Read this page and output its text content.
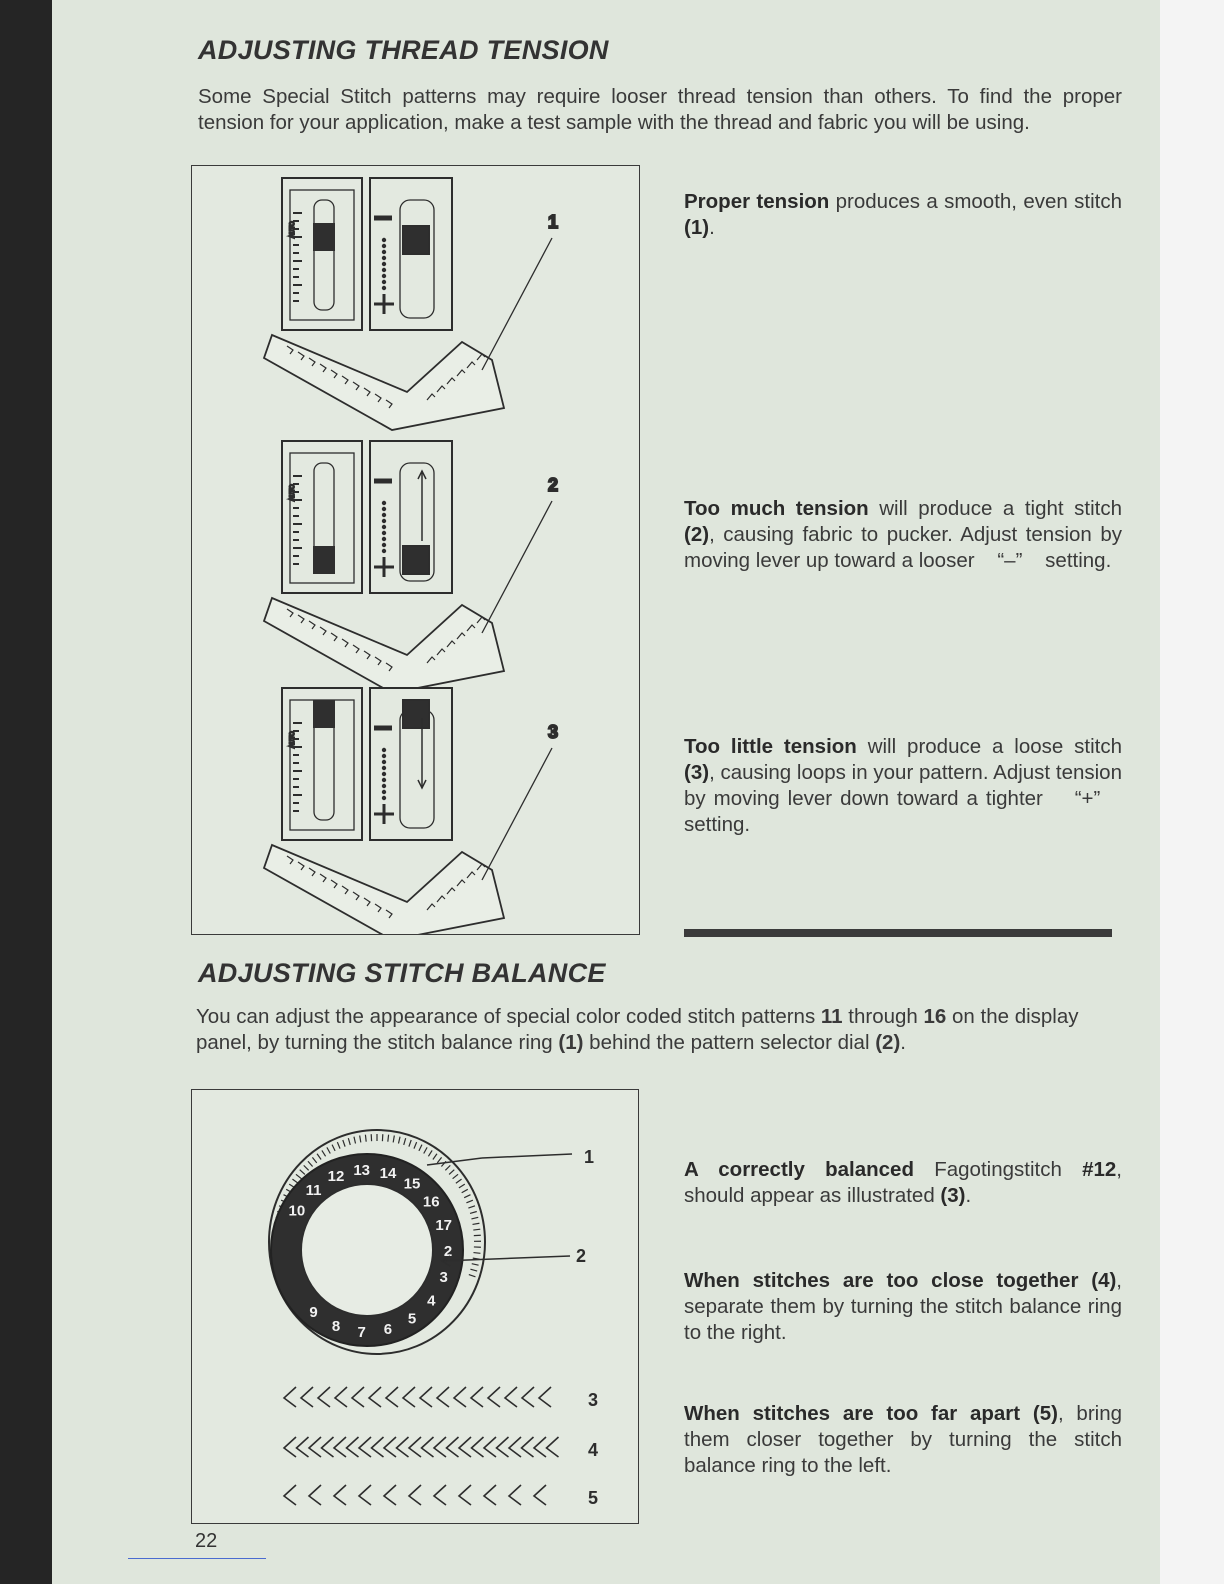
ADJUSTING THREAD TENSION
Some Special Stitch patterns may require looser thread tension than others. To find the proper tension for your application, make a test sample with the thread and fabric you will be using.
AUTO	1
AUTO	2
AUTO	3
Proper tension produces a smooth, even stitch (1).
Too much tension will produce a tight stitch (2), causing fabric to pucker. Adjust tension by moving lever up toward a looser    “–”    setting.
Too little tension will produce a loose stitch (3), causing loops in your pattern. Adjust tension by moving lever down toward a tighter    “+”    setting.
ADJUSTING STITCH BALANCE
You can adjust the appearance of special color coded stitch patterns 11 through 16 on the display panel, by turning the stitch balance ring (1) behind the pattern selector dial (2).
10
11
12 13 14
15
16
17
2
3
4
5
6
7
8
9
1
2
3
4
5
A correctly balanced Fagotingstitch #12, should appear as illustrated (3).
When stitches are too close together (4), separate them by turning the stitch balance ring to the right.
When stitches are too far apart (5), bring them closer together by turning the stitch balance ring to the left.
22
